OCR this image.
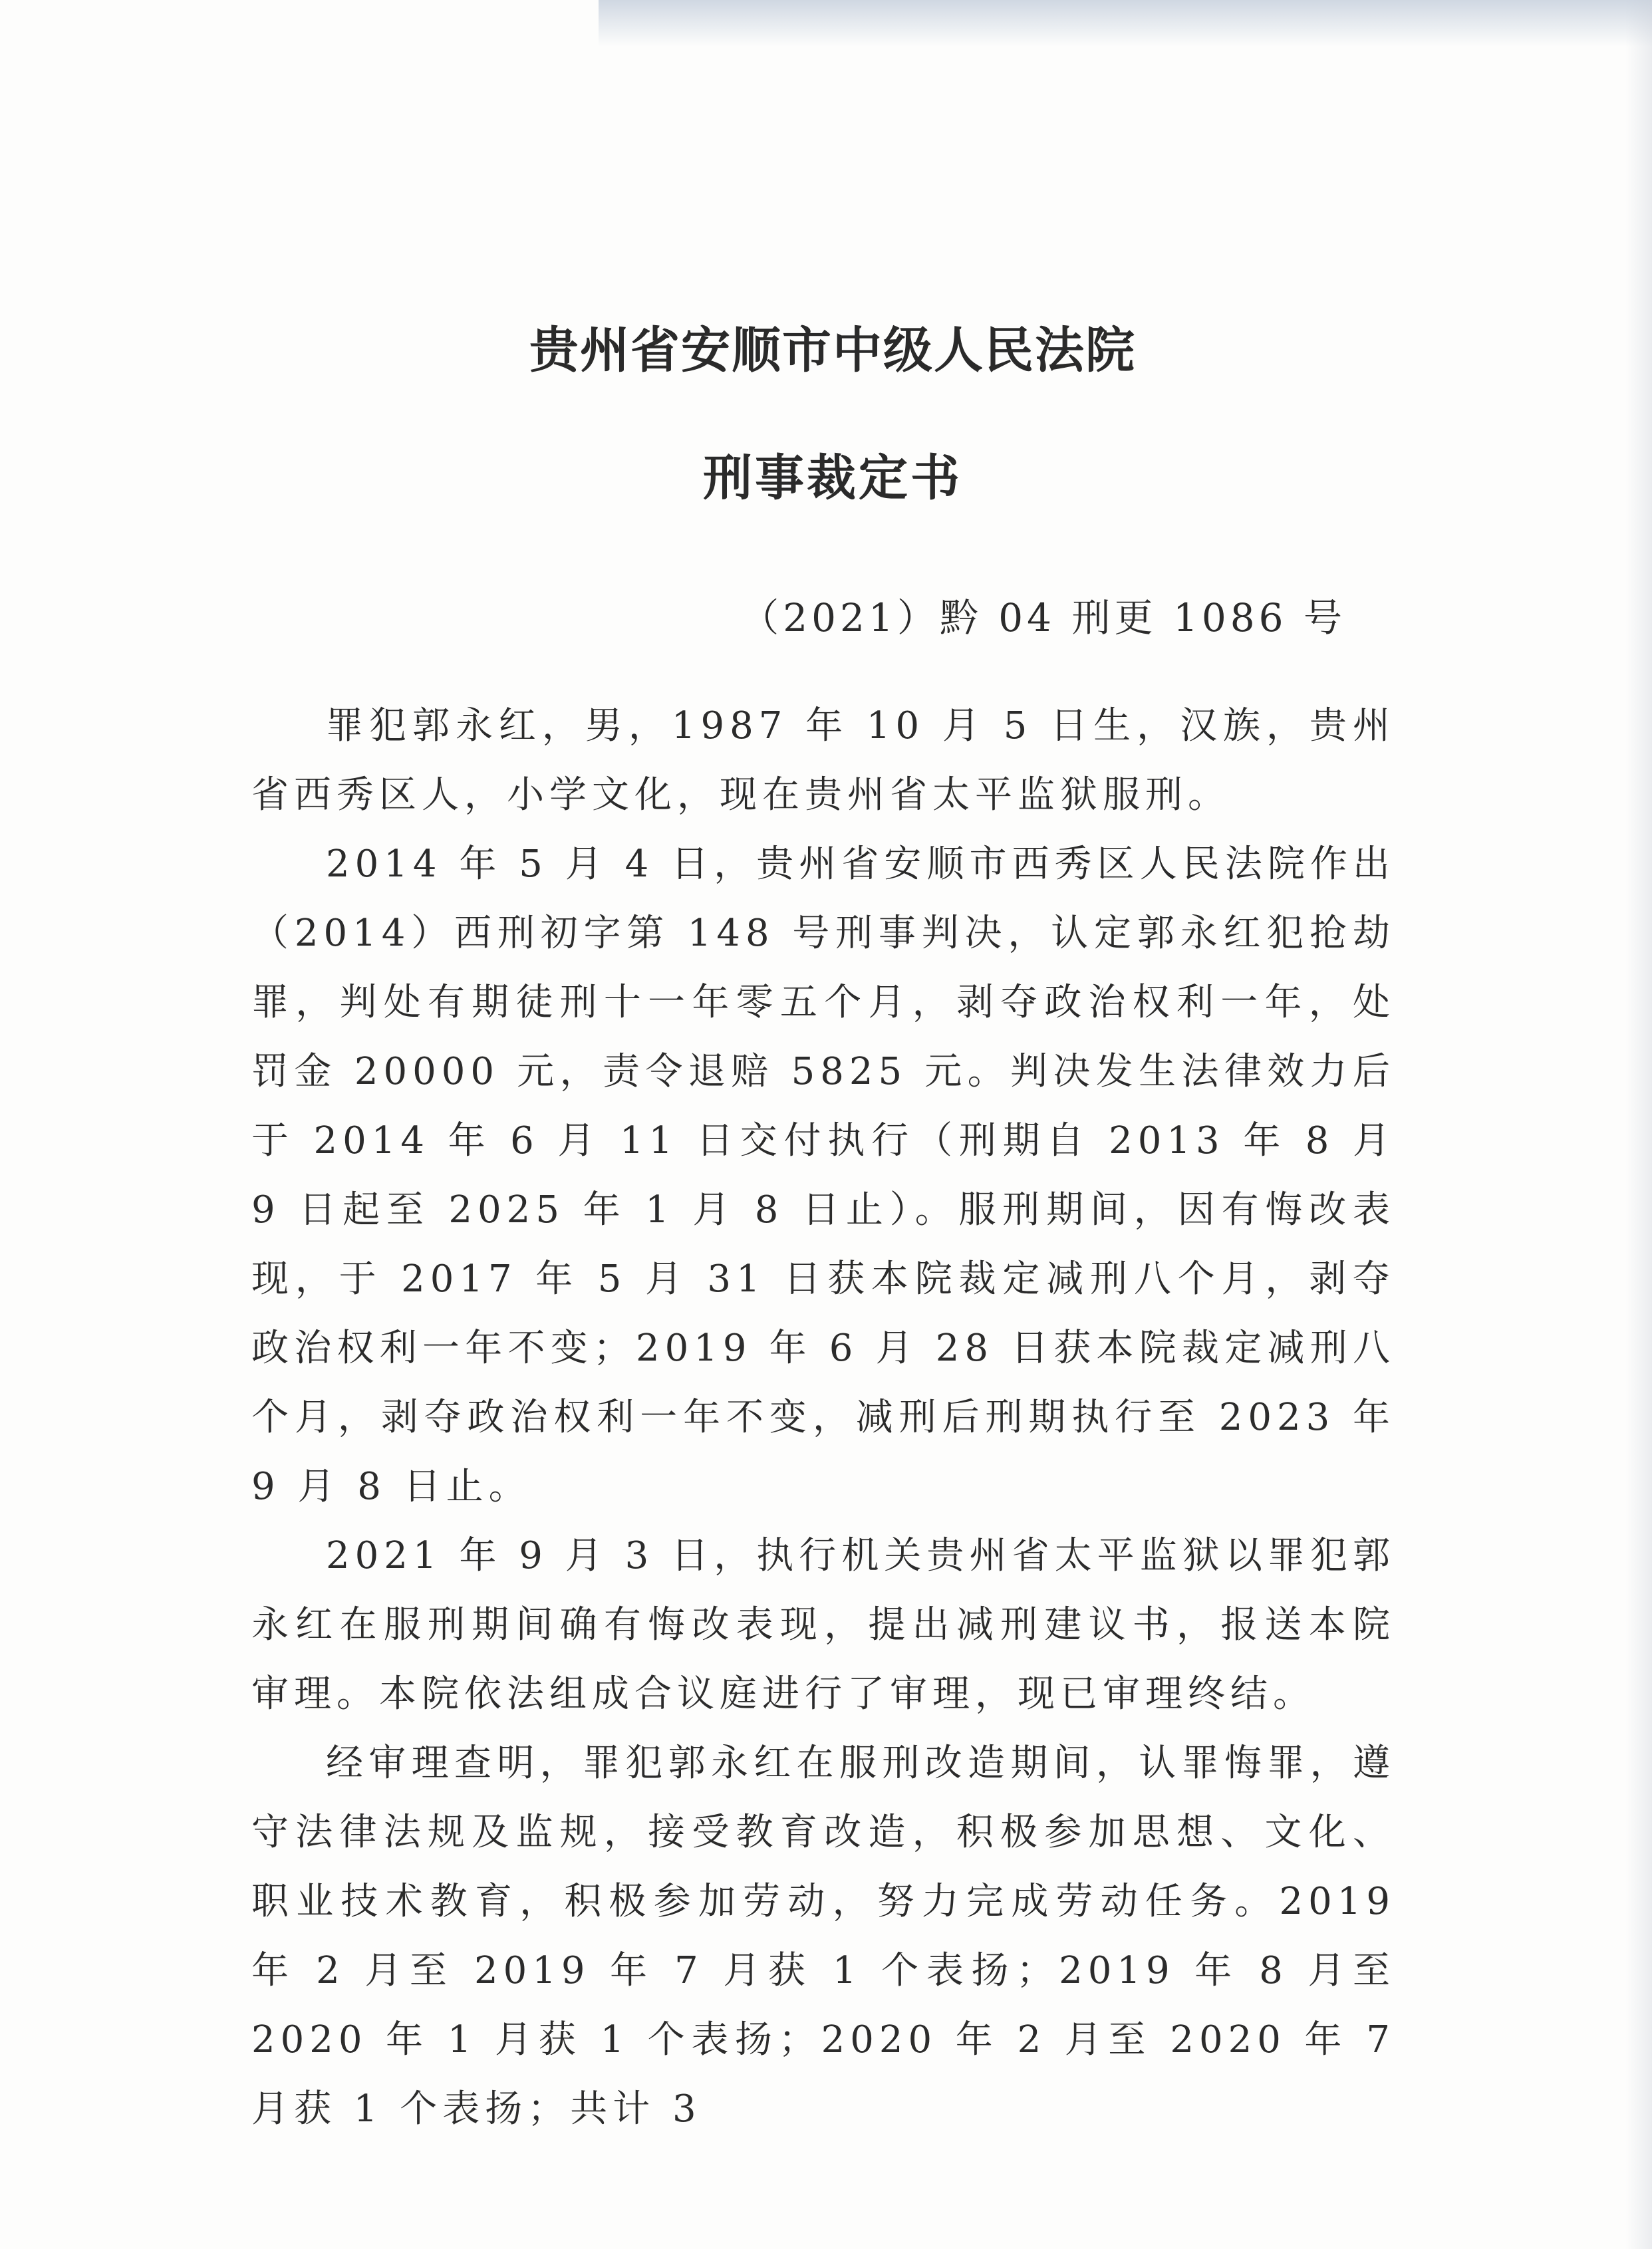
贵州省安顺市中级人民法院
刑事裁定书
（2021）黔 04 刑更 1086 号

罪犯郭永红，男，1987 年 10 月 5 日生，汉族，贵州省西秀区人，小学文化，现在贵州省太平监狱服刑。

2014 年 5 月 4 日，贵州省安顺市西秀区人民法院作出（2014）西刑初字第 148 号刑事判决，认定郭永红犯抢劫罪，判处有期徒刑十一年零五个月，剥夺政治权利一年，处罚金 20000 元，责令退赔 5825 元。判决发生法律效力后于 2014 年 6 月 11 日交付执行（刑期自 2013 年 8 月 9 日起至 2025 年 1 月 8 日止）。服刑期间，因有悔改表现，于 2017 年 5 月 31 日获本院裁定减刑八个月，剥夺政治权利一年不变；2019 年 6 月 28 日获本院裁定减刑八个月，剥夺政治权利一年不变，减刑后刑期执行至 2023 年 9 月 8 日止。

2021 年 9 月 3 日，执行机关贵州省太平监狱以罪犯郭永红在服刑期间确有悔改表现，提出减刑建议书，报送本院审理。本院依法组成合议庭进行了审理，现已审理终结。

经审理查明，罪犯郭永红在服刑改造期间，认罪悔罪，遵守法律法规及监规，接受教育改造，积极参加思想、文化、职业技术教育，积极参加劳动，努力完成劳动任务。2019 年 2 月至 2019 年 7 月获 1 个表扬；2019 年 8 月至 2020 年 1 月获 1 个表扬；2020 年 2 月至 2020 年 7 月获 1 个表扬；共计 3
